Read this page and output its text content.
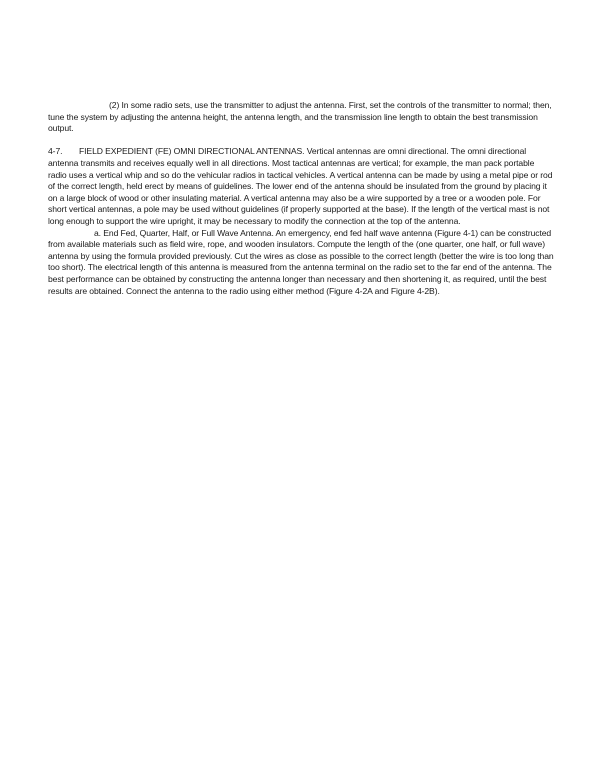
(2) In some radio sets, use the transmitter to adjust the antenna. First, set the controls of the transmitter to normal; then, tune the system by adjusting the antenna height, the antenna length, and the transmission line length to obtain the best transmission output.

4-7. FIELD EXPEDIENT (FE) OMNI DIRECTIONAL ANTENNAS. Vertical antennas are omni directional. The omni directional antenna transmits and receives equally well in all directions. Most tactical antennas are vertical; for example, the man pack portable radio uses a vertical whip and so do the vehicular radios in tactical vehicles. A vertical antenna can be made by using a metal pipe or rod of the correct length, held erect by means of guidelines. The lower end of the antenna should be insulated from the ground by placing it on a large block of wood or other insulating material. A vertical antenna may also be a wire supported by a tree or a wooden pole. For short vertical antennas, a pole may be used without guidelines (if properly supported at the base). If the length of the vertical mast is not long enough to support the wire upright, it may be necessary to modify the connection at the top of the antenna.

a. End Fed, Quarter, Half, or Full Wave Antenna. An emergency, end fed half wave antenna (Figure 4-1) can be constructed from available materials such as field wire, rope, and wooden insulators. Compute the length of the (one quarter, one half, or full wave) antenna by using the formula provided previously. Cut the wires as close as possible to the correct length (better the wire is too long than too short). The electrical length of this antenna is measured from the antenna terminal on the radio set to the far end of the antenna. The best performance can be obtained by constructing the antenna longer than necessary and then shortening it, as required, until the best results are obtained. Connect the antenna to the radio using either method (Figure 4-2A and Figure 4-2B).
